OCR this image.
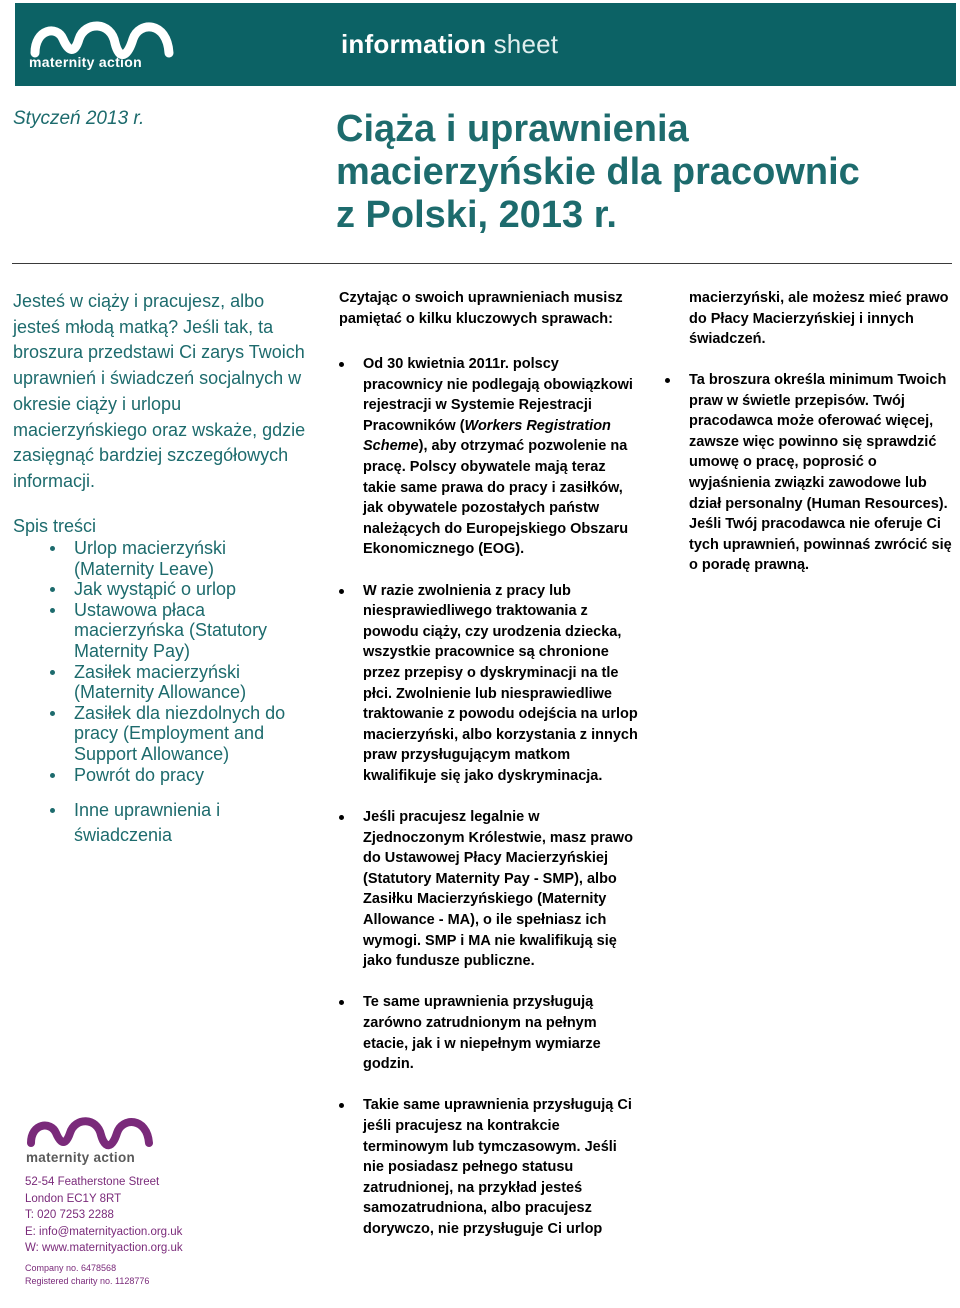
maternity action
information sheet
Styczeń 2013 r.	Ciąża i uprawnienia
macierzyńskie dla pracownic
z Polski, 2013 r.
Jesteś w ciąży i pracujesz, albo jesteś młodą matką? Jeśli tak, ta broszura przedstawi Ci zarys Twoich uprawnień i świadczeń socjalnych w okresie ciąży i urlopu macierzyńskiego oraz wskaże, gdzie zasięgnąć bardziej szczegółowych informacji.
Spis treści
Urlop macierzyński (Maternity Leave)
Jak wystąpić o urlop
Ustawowa płaca macierzyńska (Statutory Maternity Pay)
Zasiłek macierzyński (Maternity Allowance)
Zasiłek dla niezdolnych do pracy (Employment and Support Allowance)
Powrót do pracy
Inne uprawnienia i świadczenia
Czytając o swoich uprawnieniach musisz pamiętać o kilku kluczowych sprawach:
Od 30 kwietnia 2011r. polscy pracownicy nie podlegają obowiązkowi rejestracji w Systemie Rejestracji Pracowników (Workers Registration Scheme), aby otrzymać pozwolenie na pracę. Polscy obywatele mają teraz takie same prawa do pracy i zasiłków, jak obywatele pozostałych państw należących do Europejskiego Obszaru Ekonomicznego (EOG).
W razie zwolnienia z pracy lub niesprawiedliwego traktowania z powodu ciąży, czy urodzenia dziecka, wszystkie pracownice są chronione przez przepisy o dyskryminacji na tle płci. Zwolnienie lub niesprawiedliwe traktowanie z powodu odejścia na urlop macierzyński, albo korzystania z innych praw przysługującym matkom kwalifikuje się jako dyskryminacja.
Jeśli pracujesz legalnie w Zjednoczonym Królestwie, masz prawo do Ustawowej Płacy Macierzyńskiej (Statutory Maternity Pay - SMP), albo Zasiłku Macierzyńskiego (Maternity Allowance - MA), o ile spełniasz ich wymogi. SMP i MA nie kwalifikują się jako fundusze publiczne.
Te same uprawnienia przysługują zarówno zatrudnionym na pełnym etacie, jak i w niepełnym wymiarze godzin.
Takie same uprawnienia przysługują Ci jeśli pracujesz na kontrakcie terminowym lub tymczasowym. Jeśli nie posiadasz pełnego statusu zatrudnionej, na przykład jesteś samozatrudniona, albo pracujesz dorywczo, nie przysługuje Ci urlop
macierzyński, ale możesz mieć prawo do Płacy Macierzyńskiej i innych świadczeń.
Ta broszura określa minimum Twoich praw w świetle przepisów. Twój pracodawca może oferować więcej, zawsze więc powinno się sprawdzić umowę o pracę, poprosić o wyjaśnienia związki zawodowe lub dział personalny (Human Resources). Jeśli Twój pracodawca nie oferuje Ci tych uprawnień, powinnaś zwrócić się o poradę prawną.
maternity action
52-54 Featherstone Street
London EC1Y 8RT
T: 020 7253 2288
E: info@maternityaction.org.uk
W: www.maternityaction.org.uk
Company no. 6478568
Registered charity no. 1128776
